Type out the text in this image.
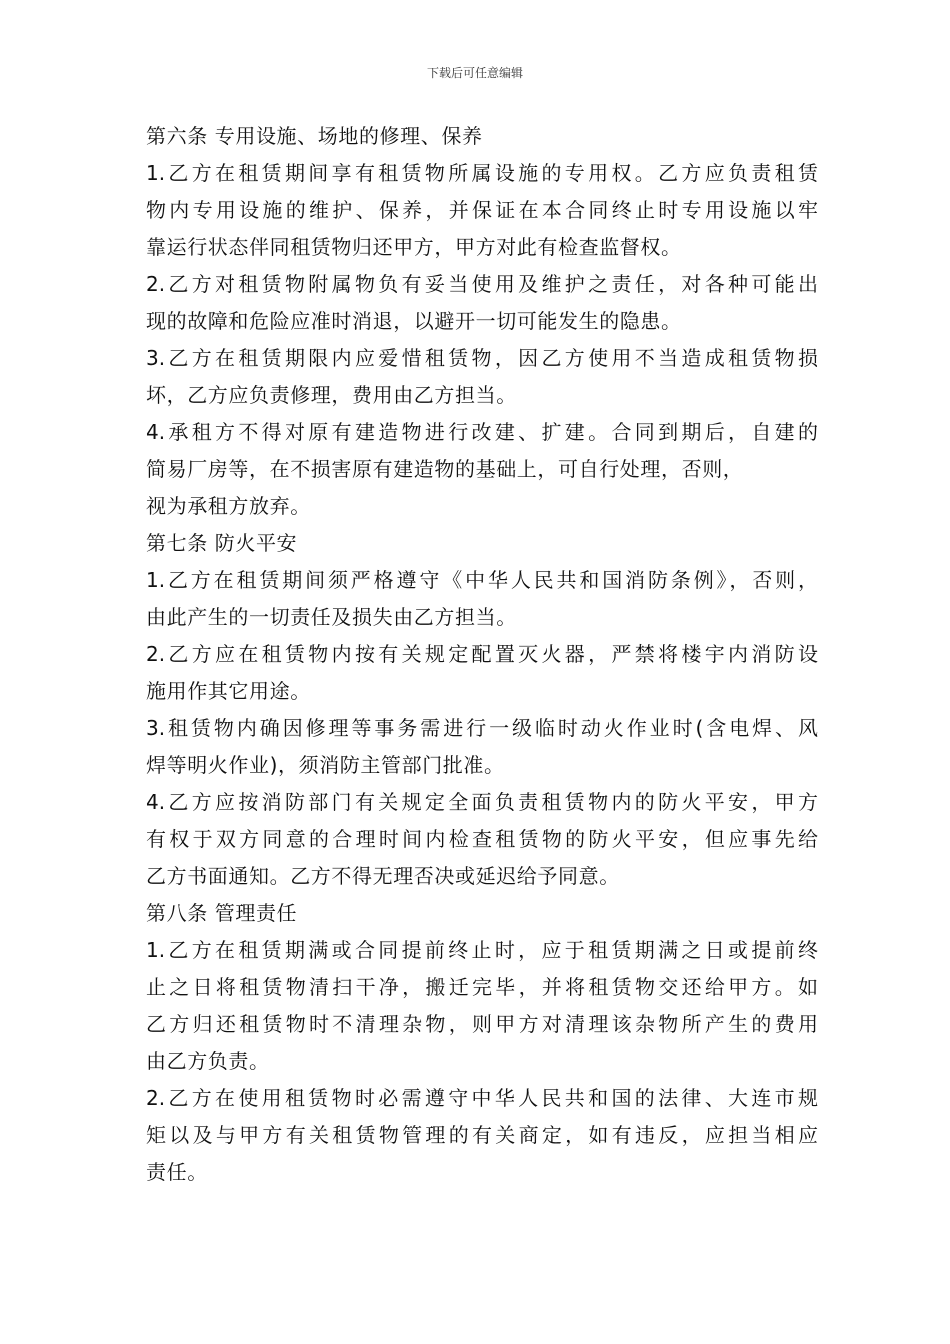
下载后可任意编辑
第六条 专用设施、场地的修理、保养
1.乙方在租赁期间享有租赁物所属设施的专用权。乙方应负责租赁
物内专用设施的维护、保养，并保证在本合同终止时专用设施以牢
靠运行状态伴同租赁物归还甲方，甲方对此有检查监督权。
2.乙方对租赁物附属物负有妥当使用及维护之责任，对各种可能出
现的故障和危险应准时消退，以避开一切可能发生的隐患。
3.乙方在租赁期限内应爱惜租赁物，因乙方使用不当造成租赁物损
坏，乙方应负责修理，费用由乙方担当。
4.承租方不得对原有建造物进行改建、扩建。合同到期后，自建的
简易厂房等，在不损害原有建造物的基础上，可自行处理，否则，
视为承租方放弃。
第七条 防火平安
1.乙方在租赁期间须严格遵守《中华人民共和国消防条例》，否则，
由此产生的一切责任及损失由乙方担当。
2.乙方应在租赁物内按有关规定配置灭火器，严禁将楼宇内消防设
施用作其它用途。
3.租赁物内确因修理等事务需进行一级临时动火作业时(含电焊、风
焊等明火作业)，须消防主管部门批准。
4.乙方应按消防部门有关规定全面负责租赁物内的防火平安，甲方
有权于双方同意的合理时间内检查租赁物的防火平安，但应事先给
乙方书面通知。乙方不得无理否决或延迟给予同意。
第八条 管理责任
1.乙方在租赁期满或合同提前终止时，应于租赁期满之日或提前终
止之日将租赁物清扫干净，搬迁完毕，并将租赁物交还给甲方。如
乙方归还租赁物时不清理杂物，则甲方对清理该杂物所产生的费用
由乙方负责。
2.乙方在使用租赁物时必需遵守中华人民共和国的法律、大连市规
矩以及与甲方有关租赁物管理的有关商定，如有违反，应担当相应
责任。
